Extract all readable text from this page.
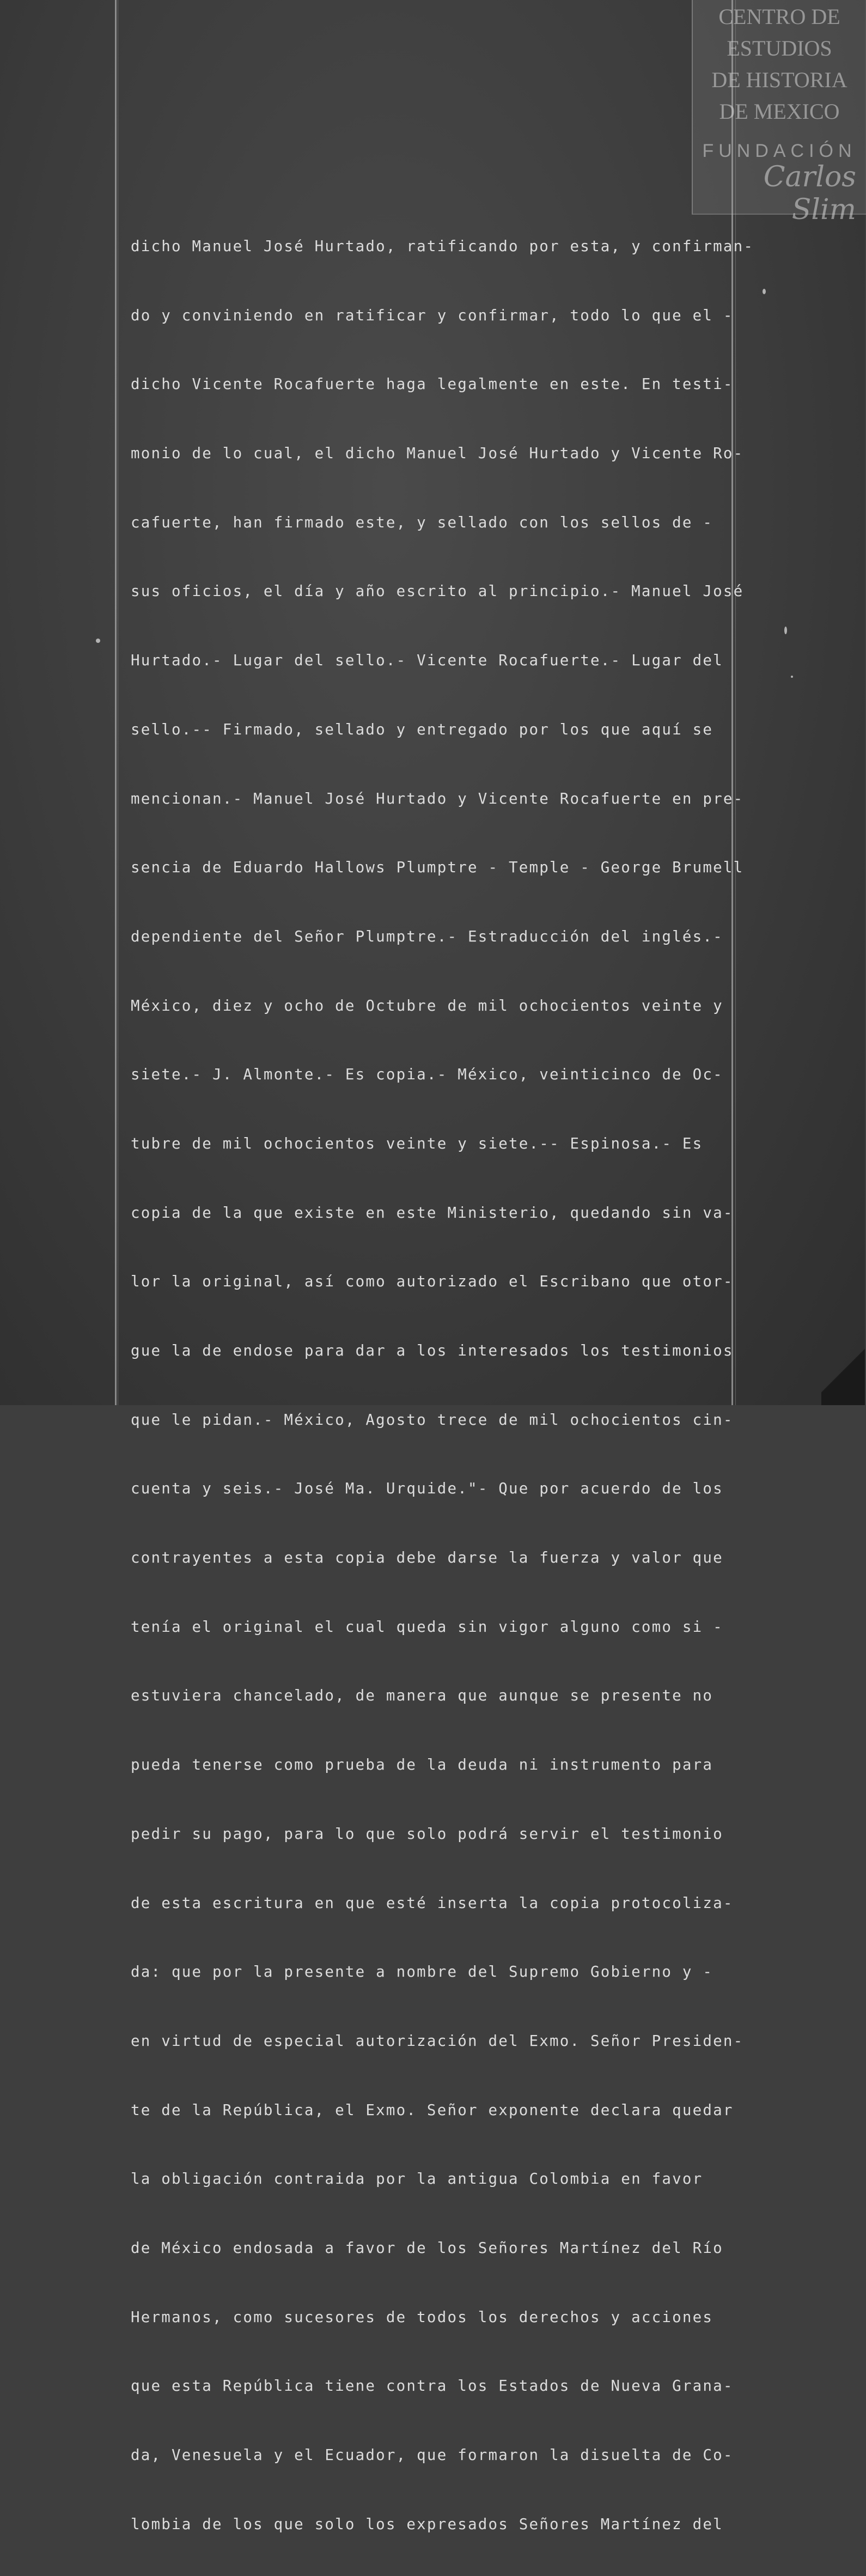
CENTRO DE
ESTUDIOS
DE HISTORIA
DE MEXICO
FUNDACIÓN
Carlos Slim

dicho Manuel José Hurtado, ratificando por esta, y confirman-

do y conviniendo en ratificar y confirmar, todo lo que el -

dicho Vicente Rocafuerte haga legalmente en este. En testi-

monio de lo cual, el dicho Manuel José Hurtado y Vicente Ro-

cafuerte, han firmado este, y sellado con los sellos de -

sus oficios, el día y año escrito al principio.- Manuel José

Hurtado.- Lugar del sello.- Vicente Rocafuerte.- Lugar del

sello.-- Firmado, sellado y entregado por los que aquí se

mencionan.- Manuel José Hurtado y Vicente Rocafuerte en pre-

sencia de Eduardo Hallows Plumptre - Temple - George Brumell

dependiente del Señor Plumptre.- Estraducción del inglés.-

México, diez y ocho de Octubre de mil ochocientos veinte y

siete.- J. Almonte.- Es copia.- México, veinticinco de Oc-

tubre de mil ochocientos veinte y siete.-- Espinosa.- Es

copia de la que existe en este Ministerio, quedando sin va-

lor la original, así como autorizado el Escribano que otor-

gue la de endose para dar a los interesados los testimonios

que le pidan.- México, Agosto trece de mil ochocientos cin-

cuenta y seis.- José Ma. Urquide."- Que por acuerdo de los

contrayentes a esta copia debe darse la fuerza y valor que

tenía el original el cual queda sin vigor alguno como si -

estuviera chancelado, de manera que aunque se presente no

pueda tenerse como prueba de la deuda ni instrumento para

pedir su pago, para lo que solo podrá servir el testimonio

de esta escritura en que esté inserta la copia protocoliza-

da: que por la presente a nombre del Supremo Gobierno y -

en virtud de especial autorización del Exmo. Señor Presiden-

te de la República, el Exmo. Señor exponente declara quedar

la obligación contraida por la antigua Colombia en favor

de México endosada a favor de los Señores Martínez del Río

Hermanos, como sucesores de todos los derechos y acciones

que esta República tiene contra los Estados de Nueva Grana-

da, Venesuela y el Ecuador, que formaron la disuelta de Co-

lombia de los que solo los expresados Señores Martínez del
